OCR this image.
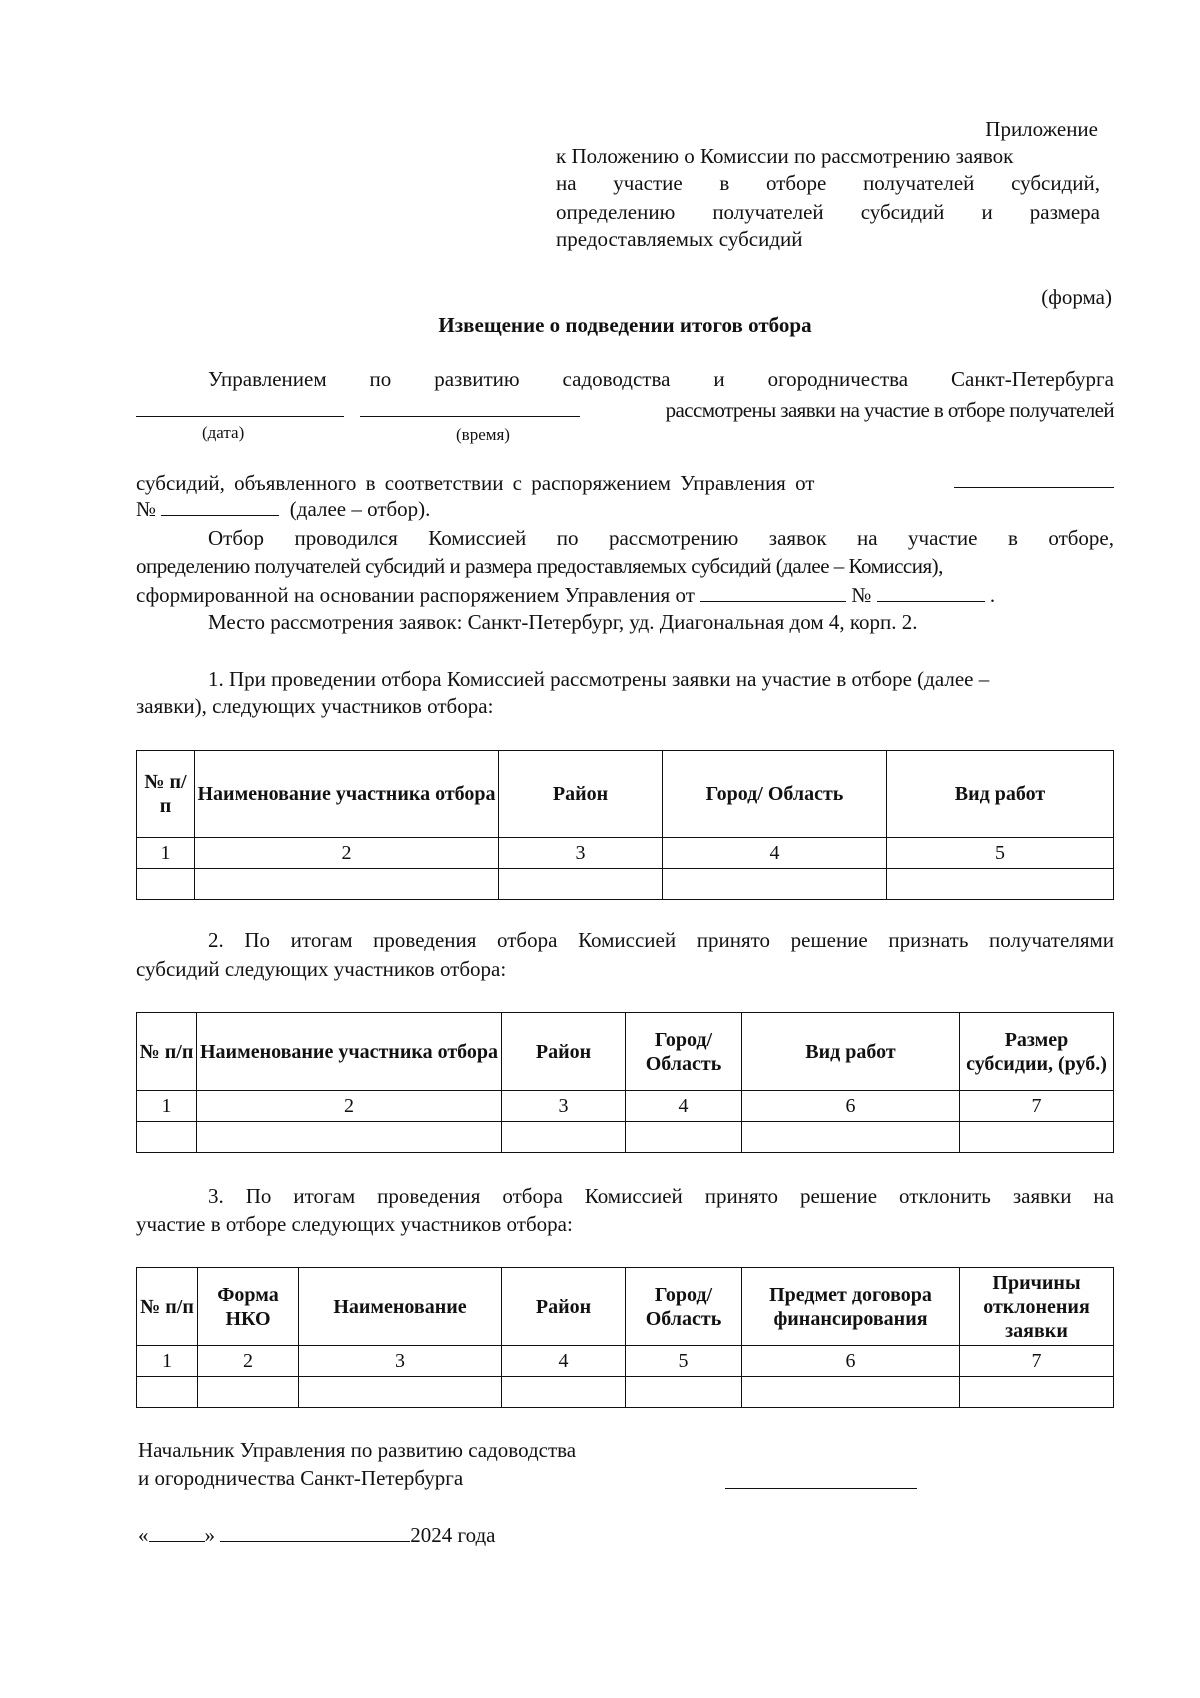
Приложение
к Положению о Комиссии по рассмотрению заявок
на участие в отборе получателей субсидий,
определению получателей субсидий и размера
предоставляемых субсидий
(форма)
Извещение о подведении итогов отбора
Управлением по развитию садоводства и огородничества Санкт-Петербурга

рассмотрены заявки на участие в отборе получателей
(дата)	(время)
субсидий, объявленного в соответствии с распоряжением Управления от
№	(далее – отбор).
Отбор проводился Комиссией по рассмотрению заявок на участие в отборе,
определению получателей субсидий и размера предоставляемых субсидий (далее – Комиссия),
сформированной на основании распоряжением Управления от	№	.
Место рассмотрения заявок: Санкт-Петербург, уд. Диагональная дом 4, корп. 2.
1. При проведении отбора Комиссией рассмотрены заявки на участие в отборе (далее –
заявки), следующих участников отбора:
№ п/п	Наименование участника отбора	Район	Город/ Область	Вид работ
1	2	3	4	5

2. По итогам проведения отбора Комиссией принято решение признать получателями
субсидий следующих участников отбора:
№ п/п	Наименование участника отбора	Район	Город/ Область	Вид работ	Размер субсидии, (руб.)
1	2	3	4	6	7

3. По итогам проведения отбора Комиссией принято решение отклонить заявки на
участие в отборе следующих участников отбора:
№ п/п	Форма НКО	Наименование	Район	Город/ Область	Предмет договора финансирования	Причины отклонения заявки
1	2	3	4	5	6	7

Начальник Управления по развитию садоводства
и огородничества Санкт-Петербурга
«	»	2024 года
